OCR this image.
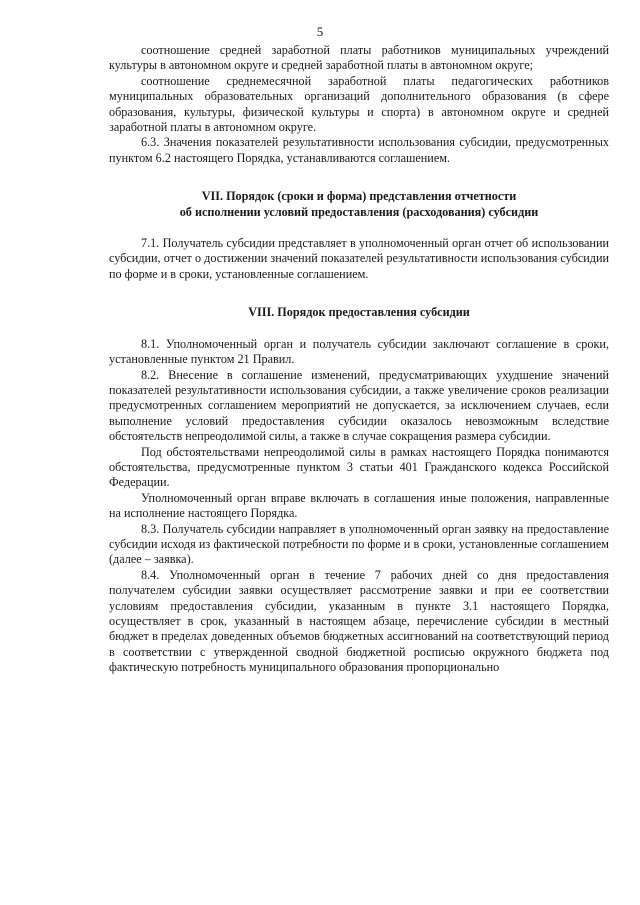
5

соотношение средней заработной платы работников муниципальных учреждений культуры в автономном округе и средней заработной платы в автономном округе;

соотношение среднемесячной заработной платы педагогических работников муниципальных образовательных организаций дополнительного образования (в сфере образования, культуры, физической культуры и спорта) в автономном округе и средней заработной платы в автономном округе.

6.3. Значения показателей результативности использования субсидии, предусмотренных пунктом 6.2 настоящего Порядка, устанавливаются соглашением.

VII. Порядок (сроки и форма) представления отчетности
об исполнении условий предоставления (расходования) субсидии

7.1. Получатель субсидии представляет в уполномоченный орган отчет об использовании субсидии, отчет о достижении значений показателей результативности использования субсидии по форме и в сроки, установленные соглашением.

VIII. Порядок предоставления субсидии

8.1. Уполномоченный орган и получатель субсидии заключают соглашение в сроки, установленные пунктом 21 Правил.

8.2. Внесение в соглашение изменений, предусматривающих ухудшение значений показателей результативности использования субсидии, а также увеличение сроков реализации предусмотренных соглашением мероприятий не допускается, за исключением случаев, если выполнение условий предоставления субсидии оказалось невозможным вследствие обстоятельств непреодолимой силы, а также в случае сокращения размера субсидии.

Под обстоятельствами непреодолимой силы в рамках настоящего Порядка понимаются обстоятельства, предусмотренные пунктом 3 статьи 401 Гражданского кодекса Российской Федерации.

Уполномоченный орган вправе включать в соглашения иные положения, направленные на исполнение настоящего Порядка.

8.3. Получатель субсидии направляет в уполномоченный орган заявку на предоставление субсидии исходя из фактической потребности по форме и в сроки, установленные соглашением (далее – заявка).

8.4. Уполномоченный орган в течение 7 рабочих дней со дня предоставления получателем субсидии заявки осуществляет рассмотрение заявки и при ее соответствии условиям предоставления субсидии, указанным в пункте 3.1 настоящего Порядка, осуществляет в срок, указанный в настоящем абзаце, перечисление субсидии в местный бюджет в пределах доведенных объемов бюджетных ассигнований на соответствующий период в соответствии с утвержденной сводной бюджетной росписью окружного бюджета под фактическую потребность муниципального образования пропорционально
